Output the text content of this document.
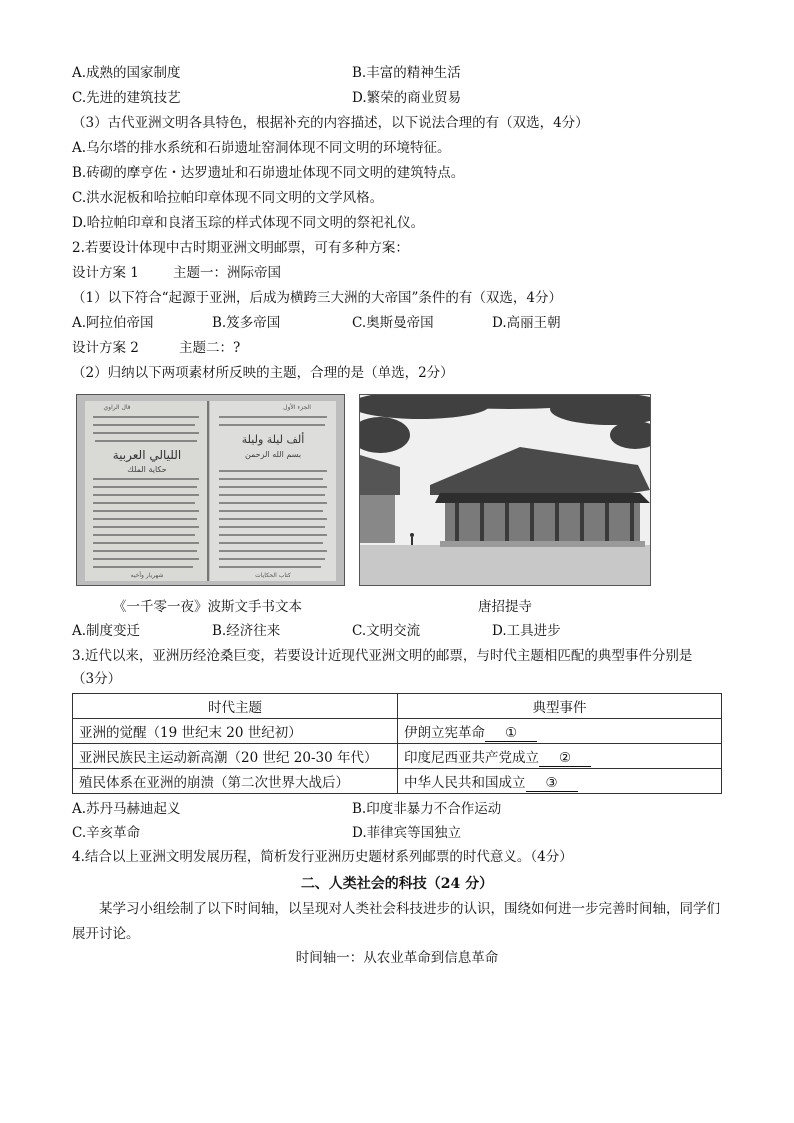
A.成熟的国家制度	B.丰富的精神生活
C.先进的建筑技艺	D.繁荣的商业贸易
（3）古代亚洲文明各具特色，根据补充的内容描述，以下说法合理的有（双选，4分）
A.乌尔塔的排水系统和石峁遗址窑洞体现不同文明的环境特征。
B.砖砌的摩亨佐・达罗遗址和石峁遗址体现不同文明的建筑特点。
C.洪水泥板和哈拉帕印章体现不同文明的文学风格。
D.哈拉帕印章和良渚玉琮的样式体现不同文明的祭祀礼仪。
2.若要设计体现中古时期亚洲文明邮票，可有多种方案：
设计方案 1	主题一：洲际帝国
（1）以下符合“起源于亚洲，后成为横跨三大洲的大帝国”条件的有（双选，4分）
A.阿拉伯帝国	B.笈多帝国	C.奥斯曼帝国	D.高丽王朝
设计方案 2	主题二：?
（2）归纳以下两项素材所反映的主题，合理的是（单选，2分）
الليالي العربية
حكاية الملك
ألف ليلة وليلة
بسم الله الرحمن
شهريار وأخيه	كتاب الحكايات
قال الراوي	الجزء الأول
《一千零一夜》波斯文手书文本	唐招提寺
A.制度变迁	B.经济往来	C.文明交流	D.工具进步
3.近代以来，亚洲历经沧桑巨变，若要设计近现代亚洲文明的邮票，与时代主题相匹配的典型事件分别是
（3分）
时代主题	典型事件
亚洲的觉醒（19 世纪末 20 世纪初）	伊朗立宪革命 ①
亚洲民族民主运动新高潮（20 世纪 20-30 年代）	印度尼西亚共产党成立 ②
殖民体系在亚洲的崩溃（第二次世界大战后）	中华人民共和国成立 ③
A.苏丹马赫迪起义	B.印度非暴力不合作运动
C.辛亥革命	D.菲律宾等国独立
4.结合以上亚洲文明发展历程，简析发行亚洲历史题材系列邮票的时代意义。（4分）
二、人类社会的科技（24 分）
某学习小组绘制了以下时间轴，以呈现对人类社会科技进步的认识，围绕如何进一步完善时间轴，同学们展开讨论。
时间轴一：从农业革命到信息革命
